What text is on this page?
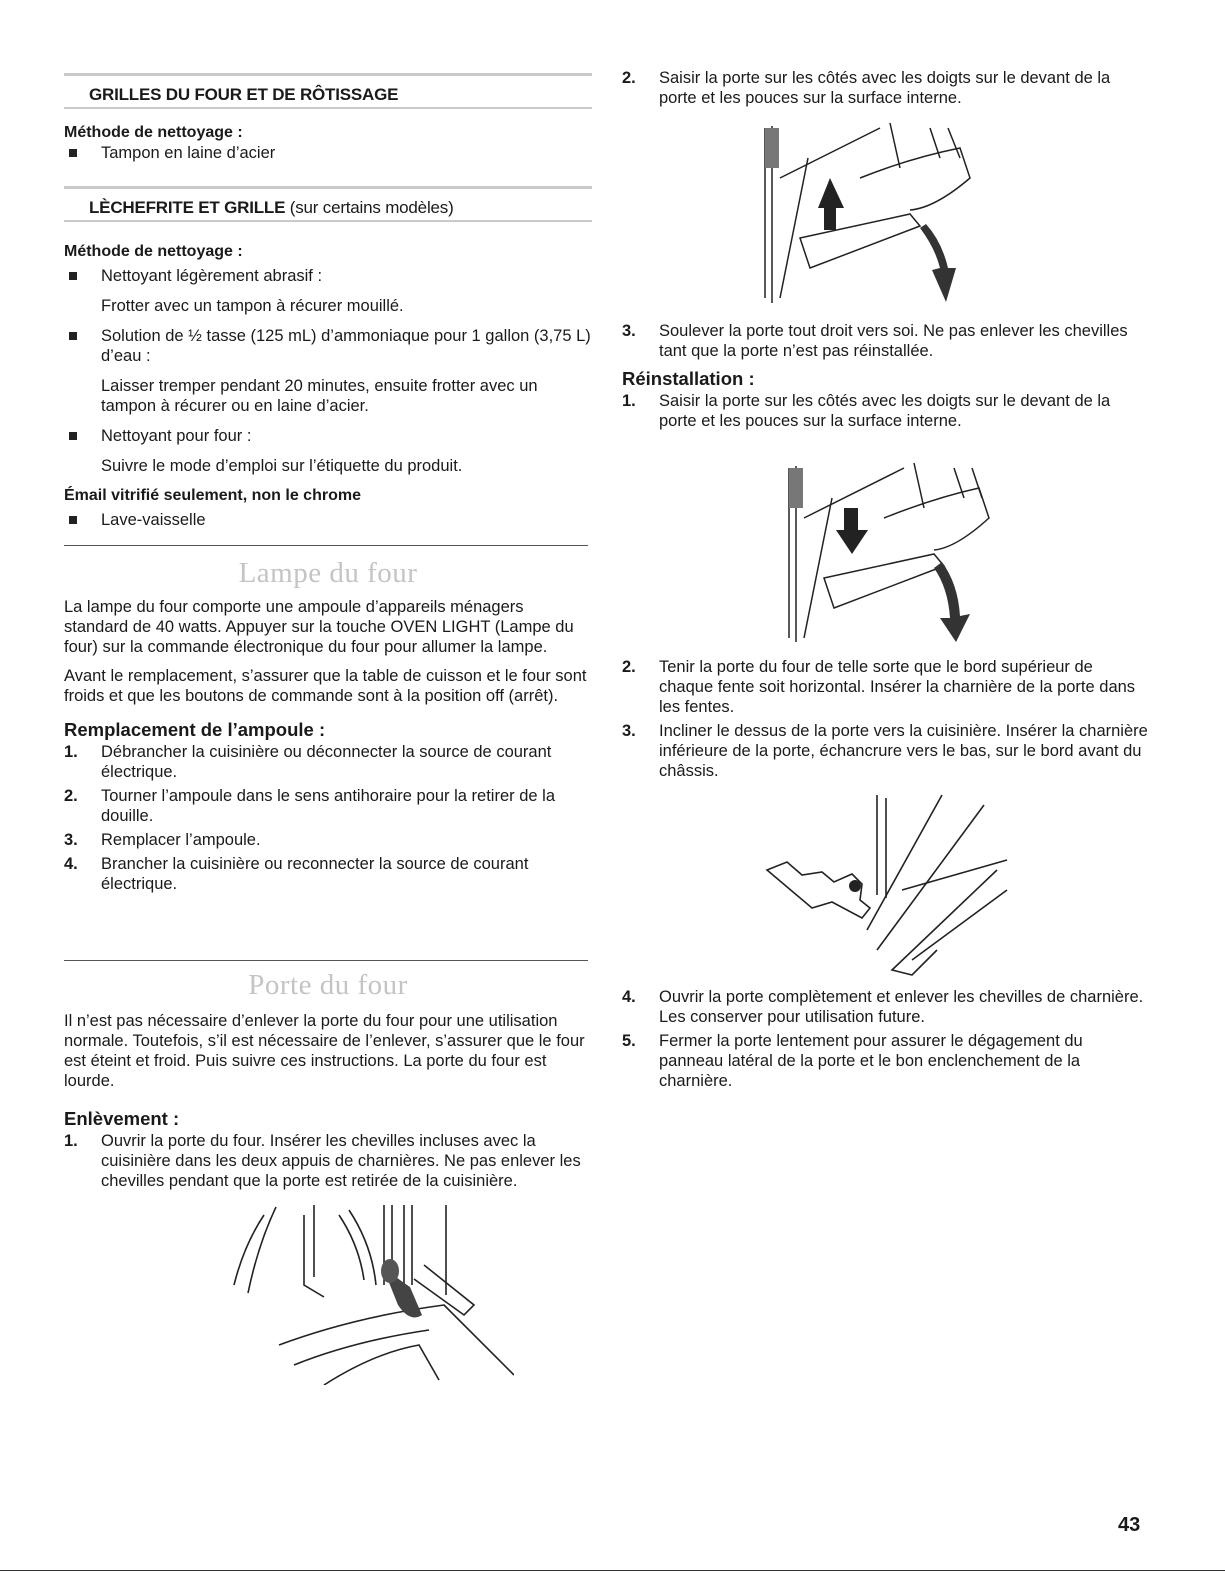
GRILLES DU FOUR ET DE RÔTISSAGE
Méthode de nettoyage :
Tampon en laine d’acier
LÈCHEFRITE ET GRILLE (sur certains modèles)
Méthode de nettoyage :
Nettoyant légèrement abrasif :
Frotter avec un tampon à récurer mouillé.
Solution de ½ tasse (125 mL) d’ammoniaque pour 1 gallon (3,75 L) d’eau :
Laisser tremper pendant 20 minutes, ensuite frotter avec un tampon à récurer ou en laine d’acier.
Nettoyant pour four :
Suivre le mode d’emploi sur l’étiquette du produit.
Émail vitrifié seulement, non le chrome
Lave-vaisselle
Lampe du four
La lampe du four comporte une ampoule d’appareils ménagers standard de 40 watts. Appuyer sur la touche OVEN LIGHT (Lampe du four) sur la commande électronique du four pour allumer la lampe.
Avant le remplacement, s’assurer que la table de cuisson et le four sont froids et que les boutons de commande sont à la position off (arrêt).
Remplacement de l’ampoule :
1. Débrancher la cuisinière ou déconnecter la source de courant électrique.
2. Tourner l’ampoule dans le sens antihoraire pour la retirer de la douille.
3. Remplacer l’ampoule.
4. Brancher la cuisinière ou reconnecter la source de courant électrique.
Porte du four
Il n’est pas nécessaire d’enlever la porte du four pour une utilisation normale. Toutefois, s’il est nécessaire de l’enlever, s’assurer que le four est éteint et froid. Puis suivre ces instructions. La porte du four est lourde.
Enlèvement :
1. Ouvrir la porte du four. Insérer les chevilles incluses avec la cuisinière dans les deux appuis de charnières. Ne pas enlever les chevilles pendant que la porte est retirée de la cuisinière.
2. Saisir la porte sur les côtés avec les doigts sur le devant de la porte et les pouces sur la surface interne.
3. Soulever la porte tout droit vers soi. Ne pas enlever les chevilles tant que la porte n’est pas réinstallée.
Réinstallation :
1. Saisir la porte sur les côtés avec les doigts sur le devant de la porte et les pouces sur la surface interne.
2. Tenir la porte du four de telle sorte que le bord supérieur de chaque fente soit horizontal. Insérer la charnière de la porte dans les fentes.
3. Incliner le dessus de la porte vers la cuisinière. Insérer la charnière inférieure de la porte, échancrure vers le bas, sur le bord avant du châssis.
4. Ouvrir la porte complètement et enlever les chevilles de charnière. Les conserver pour utilisation future.
5. Fermer la porte lentement pour assurer le dégagement du panneau latéral de la porte et le bon enclenchement de la charnière.
43
